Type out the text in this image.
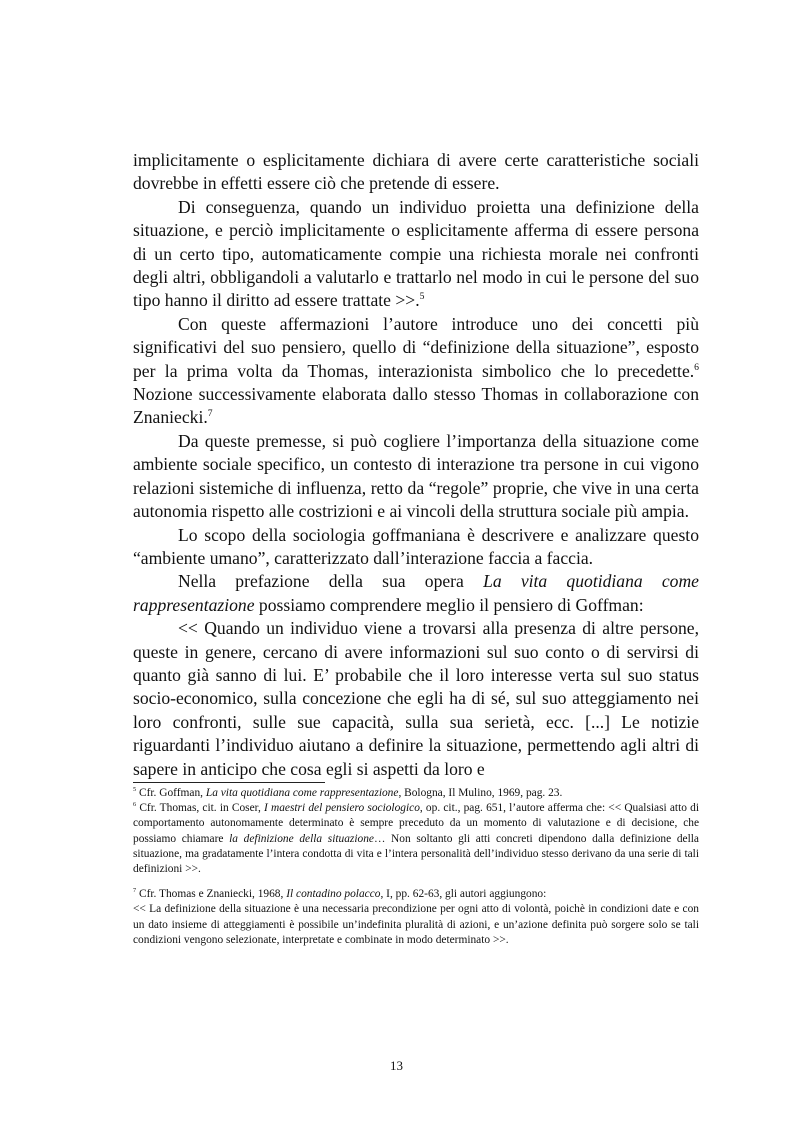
implicitamente o esplicitamente dichiara di avere certe caratteristiche sociali dovrebbe in effetti essere ciò che pretende di essere.

Di conseguenza, quando un individuo proietta una definizione della situazione, e perciò implicitamente o esplicitamente afferma di essere persona di un certo tipo, automaticamente compie una richiesta morale nei confronti degli altri, obbligandoli a valutarlo e trattarlo nel modo in cui le persone del suo tipo hanno il diritto ad essere trattate >>.$^5$

Con queste affermazioni l’autore introduce uno dei concetti più significativi del suo pensiero, quello di “definizione della situazione”, esposto per la prima volta da Thomas, interazionista simbolico che lo precedette.$^6$ Nozione successivamente elaborata dallo stesso Thomas in collaborazione con Znaniecki.$^7$

Da queste premesse, si può cogliere l’importanza della situazione come ambiente sociale specifico, un contesto di interazione tra persone in cui vigono relazioni sistemiche di influenza, retto da “regole” proprie, che vive in una certa autonomia rispetto alle costrizioni e ai vincoli della struttura sociale più ampia.

Lo scopo della sociologia goffmaniana è descrivere e analizzare questo “ambiente umano”, caratterizzato dall’interazione faccia a faccia.

Nella prefazione della sua opera La vita quotidiana come rappresentazione possiamo comprendere meglio il pensiero di Goffman:

<< Quando un individuo viene a trovarsi alla presenza di altre persone, queste in genere, cercano di avere informazioni sul suo conto o di servirsi di quanto già sanno di lui. E’ probabile che il loro interesse verta sul suo status socio-economico, sulla concezione che egli ha di sé, sul suo atteggiamento nei loro confronti, sulle sue capacità, sulla sua serietà, ecc. [...] Le notizie riguardanti l’individuo aiutano a definire la situazione, permettendo agli altri di sapere in anticipo che cosa egli si aspetti da loro e

$^5$ Cfr. Goffman, La vita quotidiana come rappresentazione, Bologna, Il Mulino, 1969, pag. 23.

$^6$ Cfr. Thomas, cit. in Coser, I maestri del pensiero sociologico, op. cit., pag. 651, l’autore afferma che: << Qualsiasi atto di comportamento autonomamente determinato è sempre preceduto da un momento di valutazione e di decisione, che possiamo chiamare la definizione della situazione… Non soltanto gli atti concreti dipendono dalla definizione della situazione, ma gradatamente l’intera condotta di vita e l’intera personalità dell’individuo stesso derivano da una serie di tali definizioni >>.

$^7$ Cfr. Thomas e Znaniecki, 1968, Il contadino polacco, I, pp. 62-63, gli autori aggiungono:

<< La definizione della situazione è una necessaria precondizione per ogni atto di volontà, poichè in condizioni date e con un dato insieme di atteggiamenti è possibile un’indefinita pluralità di azioni, e un’azione definita può sorgere solo se tali condizioni vengono selezionate, interpretate e combinate in modo determinato >>.

13
